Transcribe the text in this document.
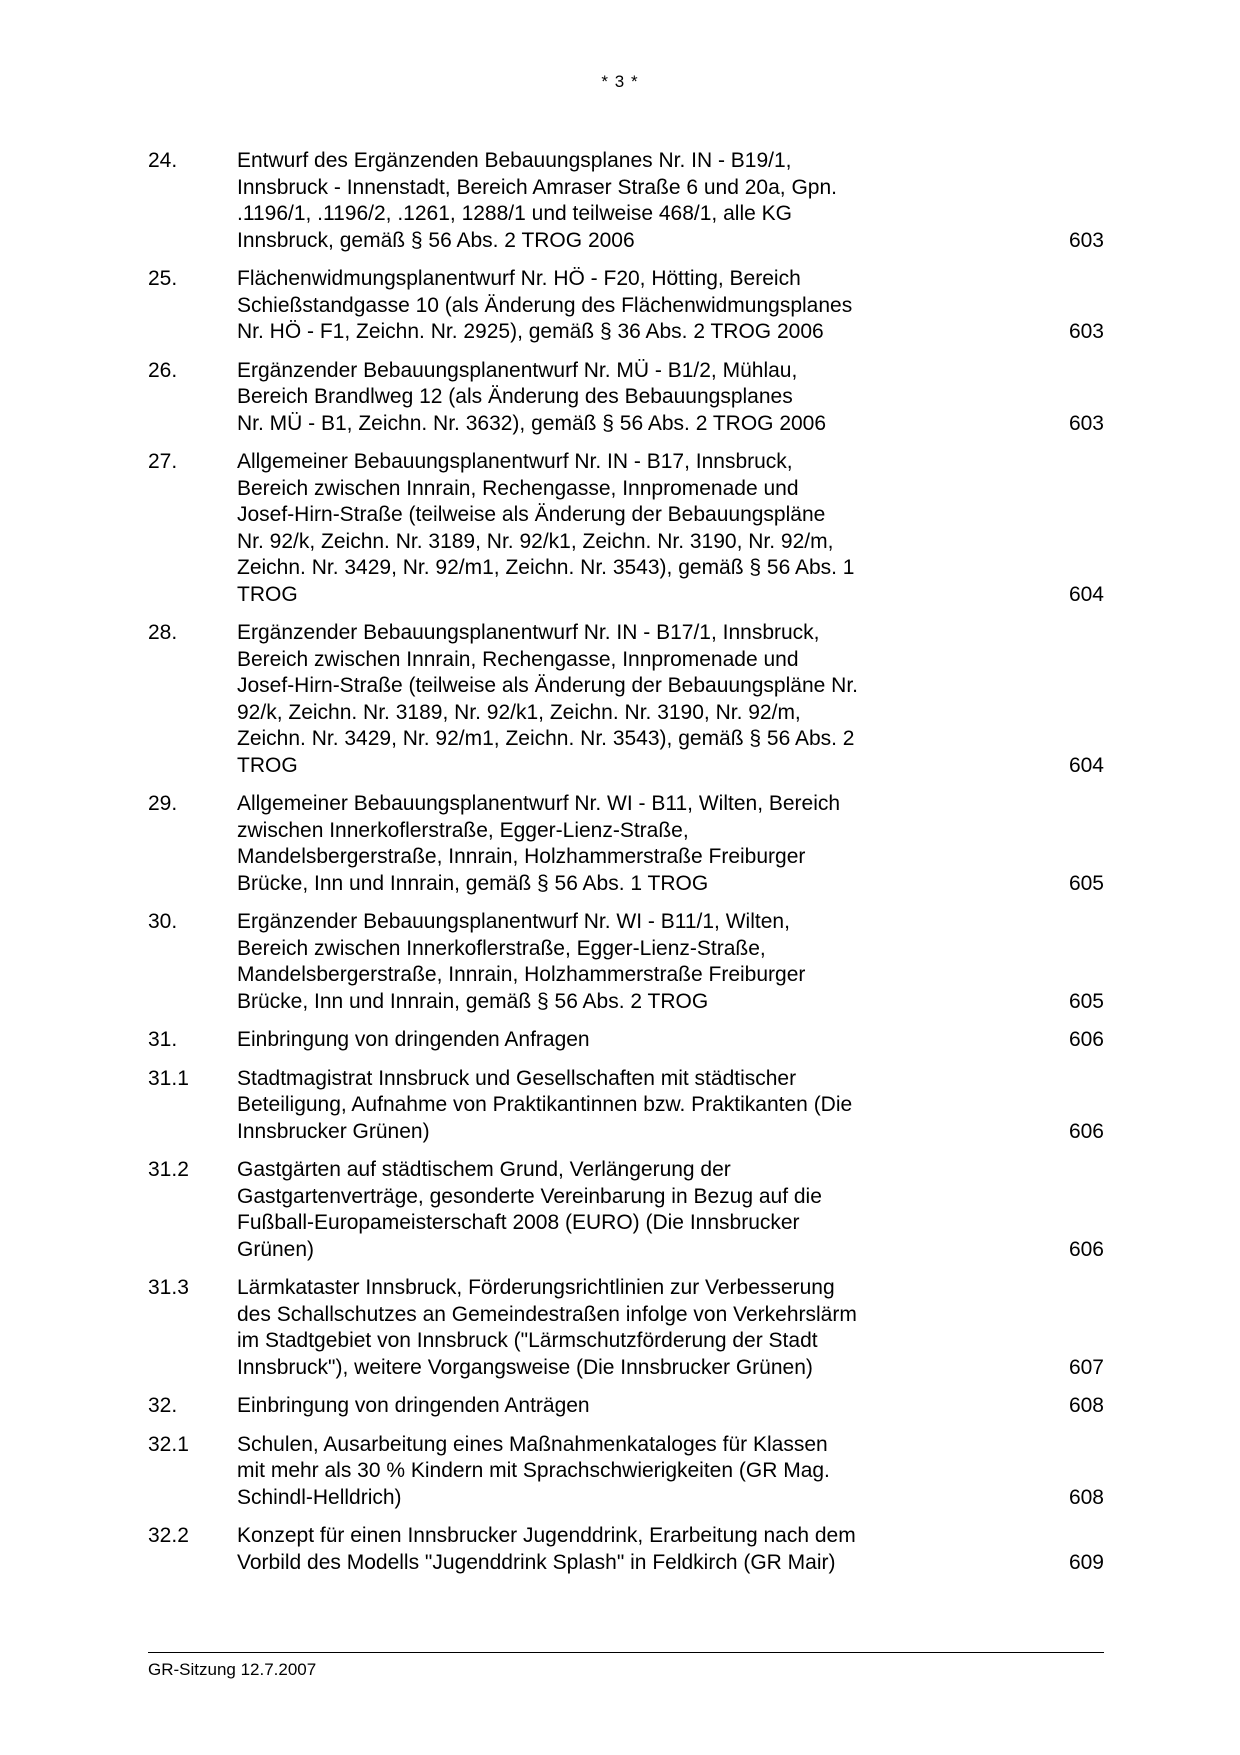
* 3 *
24.	Entwurf des Ergänzenden Bebauungsplanes Nr. IN - B19/1,
Innsbruck - Innenstadt, Bereich Amraser Straße 6 und 20a, Gpn.
.1196/1, .1196/2, .1261, 1288/1 und teilweise 468/1, alle KG
Innsbruck, gemäß § 56 Abs. 2 TROG 2006	603
25.	Flächenwidmungsplanentwurf Nr. HÖ - F20, Hötting, Bereich
Schießstandgasse 10 (als Änderung des Flächenwidmungsplanes
Nr. HÖ - F1, Zeichn. Nr. 2925), gemäß § 36 Abs. 2 TROG 2006	603
26.	Ergänzender Bebauungsplanentwurf Nr. MÜ - B1/2, Mühlau,
Bereich Brandlweg 12 (als Änderung des Bebauungsplanes
Nr. MÜ - B1, Zeichn. Nr. 3632), gemäß § 56 Abs. 2 TROG 2006	603
27.	Allgemeiner Bebauungsplanentwurf Nr. IN - B17, Innsbruck,
Bereich zwischen Innrain, Rechengasse, Innpromenade und
Josef-Hirn-Straße (teilweise als Änderung der Bebauungspläne
Nr. 92/k, Zeichn. Nr. 3189, Nr. 92/k1, Zeichn. Nr. 3190, Nr. 92/m,
Zeichn. Nr. 3429, Nr. 92/m1, Zeichn. Nr. 3543), gemäß § 56 Abs. 1
TROG	604
28.	Ergänzender Bebauungsplanentwurf Nr. IN - B17/1, Innsbruck,
Bereich zwischen Innrain, Rechengasse, Innpromenade und
Josef-Hirn-Straße (teilweise als Änderung der Bebauungspläne Nr.
92/k, Zeichn. Nr. 3189, Nr. 92/k1, Zeichn. Nr. 3190, Nr. 92/m,
Zeichn. Nr. 3429, Nr. 92/m1, Zeichn. Nr. 3543), gemäß § 56 Abs. 2
TROG	604
29.	Allgemeiner Bebauungsplanentwurf Nr. WI - B11, Wilten, Bereich
zwischen Innerkoflerstraße, Egger-Lienz-Straße,
Mandelsbergerstraße, Innrain, Holzhammerstraße Freiburger
Brücke, Inn und Innrain, gemäß § 56 Abs. 1 TROG	605
30.	Ergänzender Bebauungsplanentwurf Nr. WI - B11/1, Wilten,
Bereich zwischen Innerkoflerstraße, Egger-Lienz-Straße,
Mandelsbergerstraße, Innrain, Holzhammerstraße Freiburger
Brücke, Inn und Innrain, gemäß § 56 Abs. 2 TROG	605
31.	Einbringung von dringenden Anfragen	606
31.1	Stadtmagistrat Innsbruck und Gesellschaften mit städtischer
Beteiligung, Aufnahme von Praktikantinnen bzw. Praktikanten (Die
Innsbrucker Grünen)	606
31.2	Gastgärten auf städtischem Grund, Verlängerung der
Gastgartenverträge, gesonderte Vereinbarung in Bezug auf die
Fußball-Europameisterschaft 2008 (EURO) (Die Innsbrucker
Grünen)	606
31.3	Lärmkataster Innsbruck, Förderungsrichtlinien zur Verbesserung
des Schallschutzes an Gemeindestraßen infolge von Verkehrslärm
im Stadtgebiet von Innsbruck ("Lärmschutzförderung der Stadt
Innsbruck"), weitere Vorgangsweise (Die Innsbrucker Grünen)	607
32.	Einbringung von dringenden Anträgen	608
32.1	Schulen, Ausarbeitung eines Maßnahmenkataloges für Klassen
mit mehr als 30 % Kindern mit Sprachschwierigkeiten (GR Mag.
Schindl-Helldrich)	608
32.2	Konzept für einen Innsbrucker Jugenddrink, Erarbeitung nach dem
Vorbild des Modells "Jugenddrink Splash" in Feldkirch (GR Mair)	609
GR-Sitzung 12.7.2007
